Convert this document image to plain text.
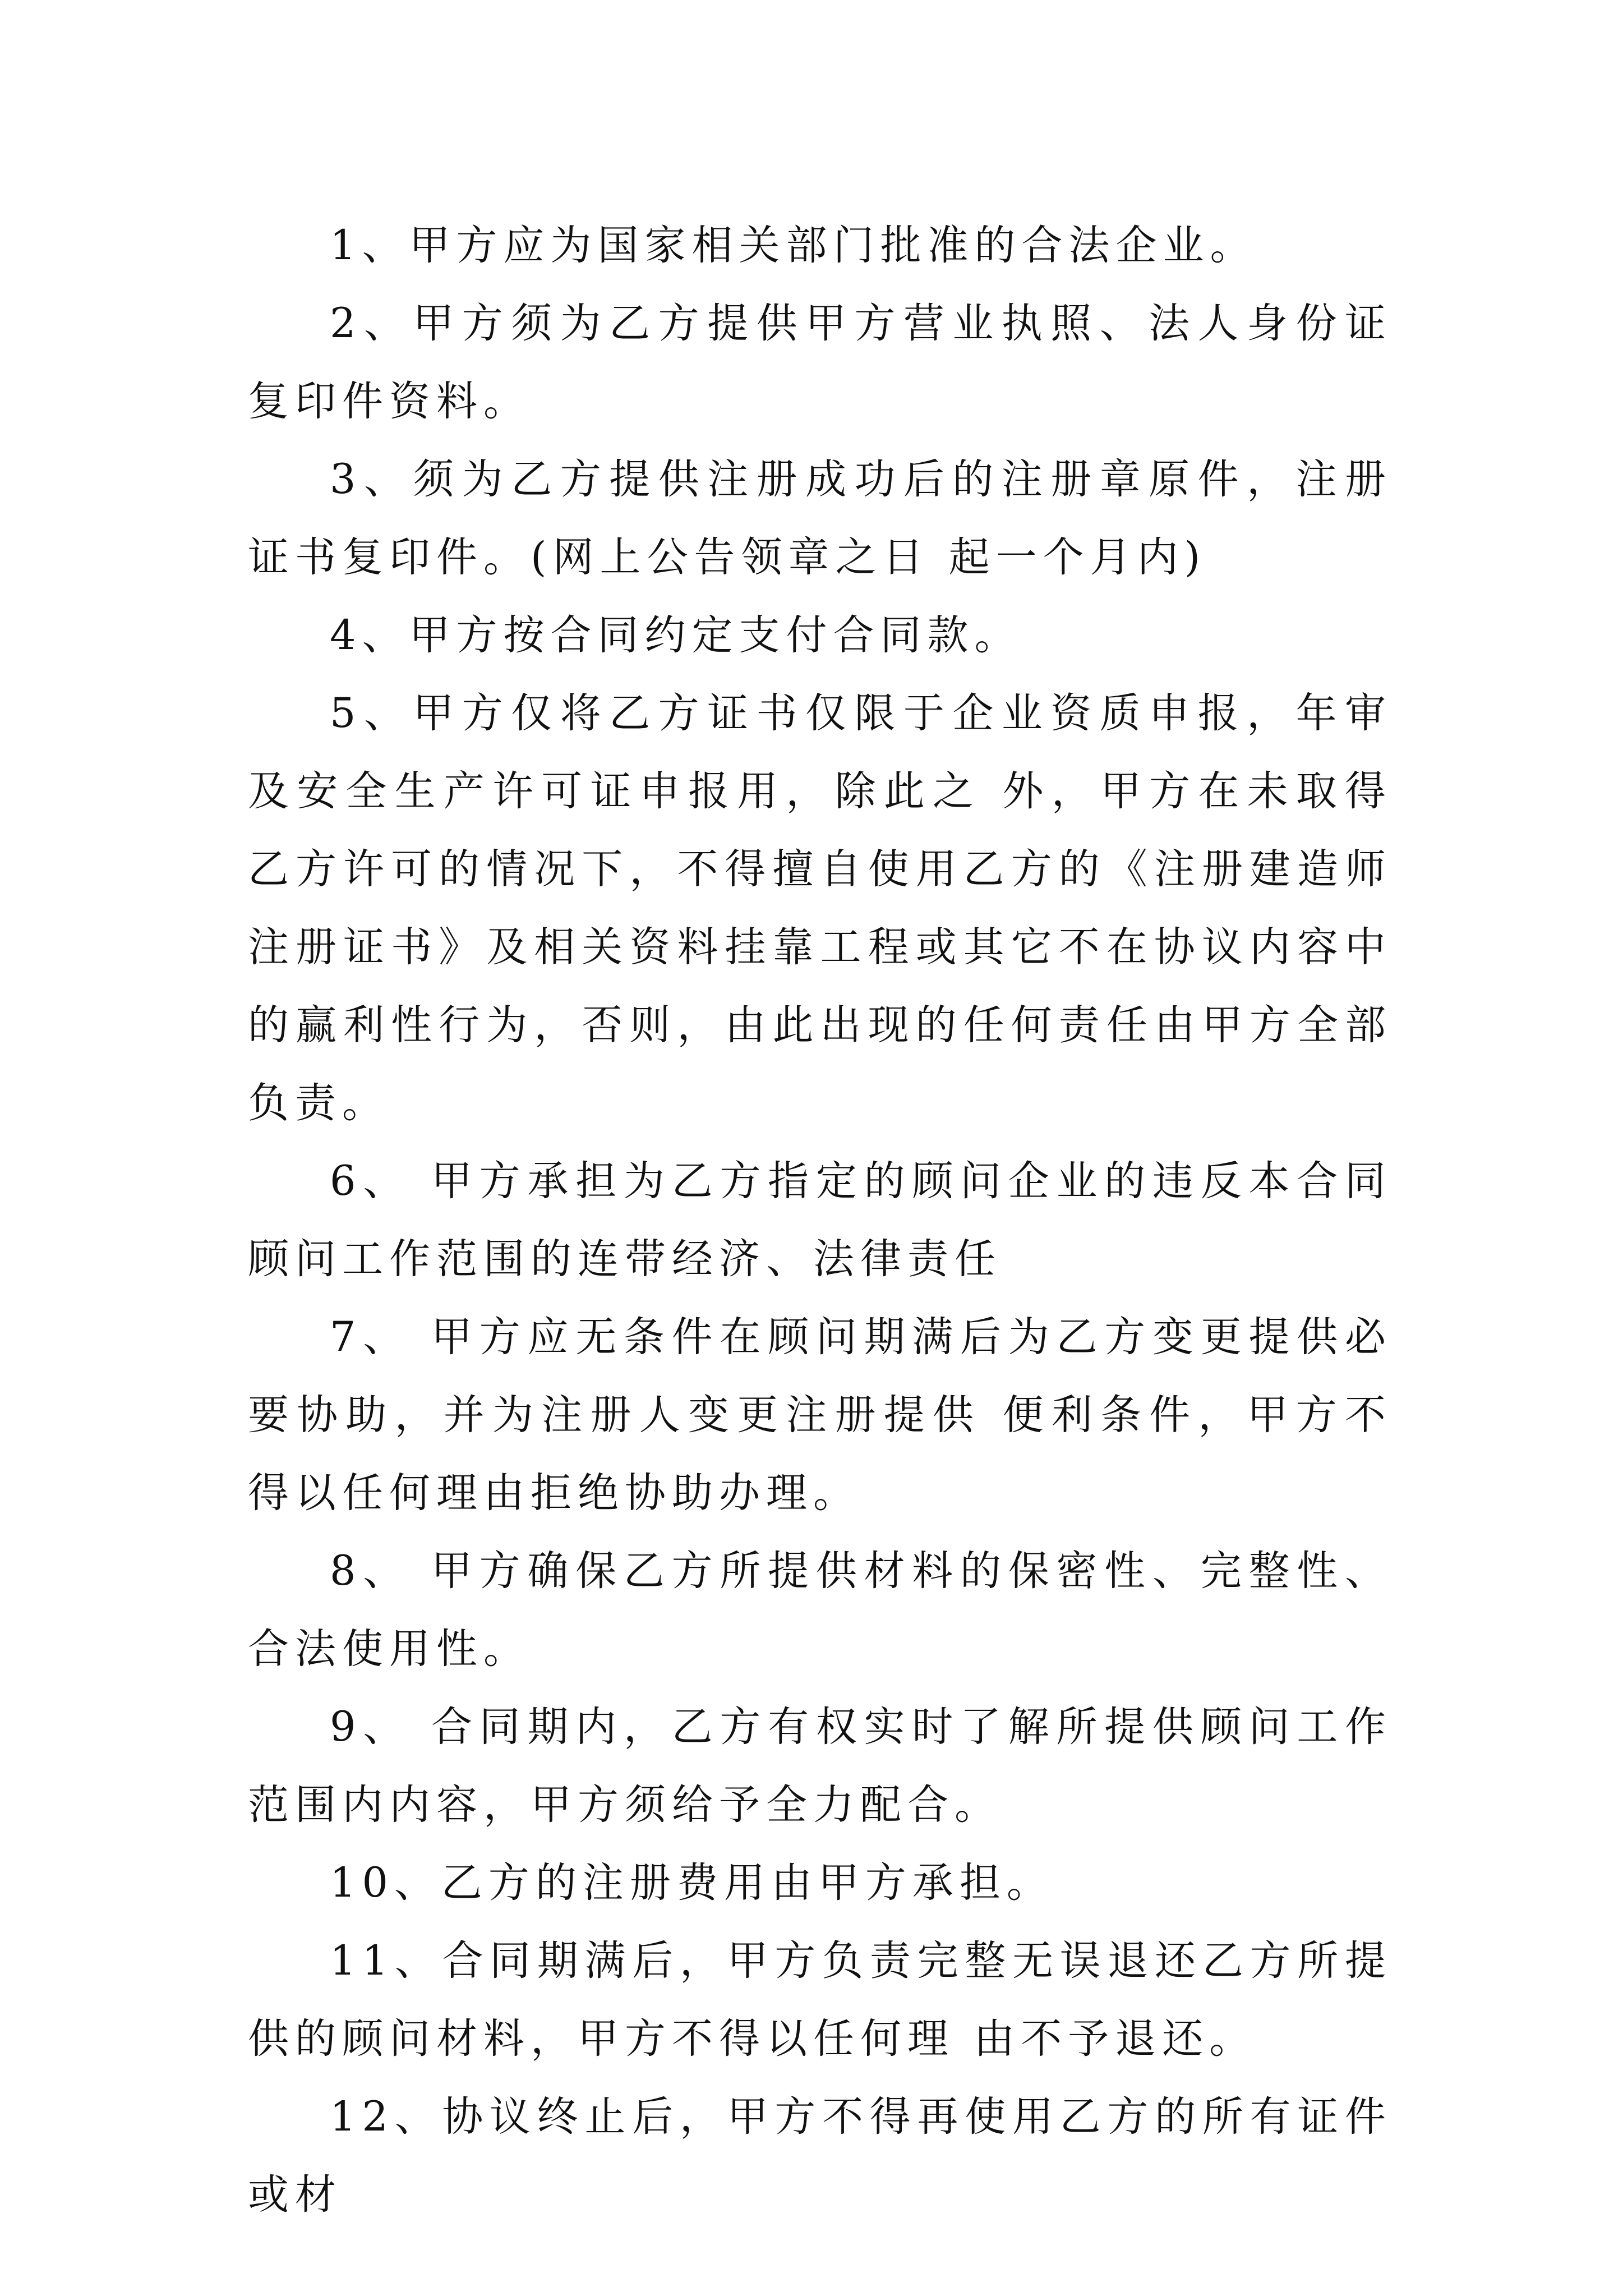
1、甲方应为国家相关部门批准的合法企业。

2、甲方须为乙方提供甲方营业执照、法人身份证复印件资料。

3、须为乙方提供注册成功后的注册章原件，注册证书复印件。(网上公告领章之日 起一个月内)

4、甲方按合同约定支付合同款。

5、甲方仅将乙方证书仅限于企业资质申报，年审及安全生产许可证申报用，除此之 外，甲方在未取得乙方许可的情况下，不得擅自使用乙方的《注册建造师注册证书》及相关资料挂靠工程或其它不在协议内容中的赢利性行为，否则，由此出现的任何责任由甲方全部负责。

6、 甲方承担为乙方指定的顾问企业的违反本合同顾问工作范围的连带经济、法律责任

7、 甲方应无条件在顾问期满后为乙方变更提供必要协助，并为注册人变更注册提供 便利条件，甲方不得以任何理由拒绝协助办理。

8、 甲方确保乙方所提供材料的保密性、完整性、合法使用性。

9、 合同期内，乙方有权实时了解所提供顾问工作范围内内容，甲方须给予全力配合。

10、乙方的注册费用由甲方承担。

11、合同期满后，甲方负责完整无误退还乙方所提供的顾问材料，甲方不得以任何理 由不予退还。

12、协议终止后，甲方不得再使用乙方的所有证件或材
